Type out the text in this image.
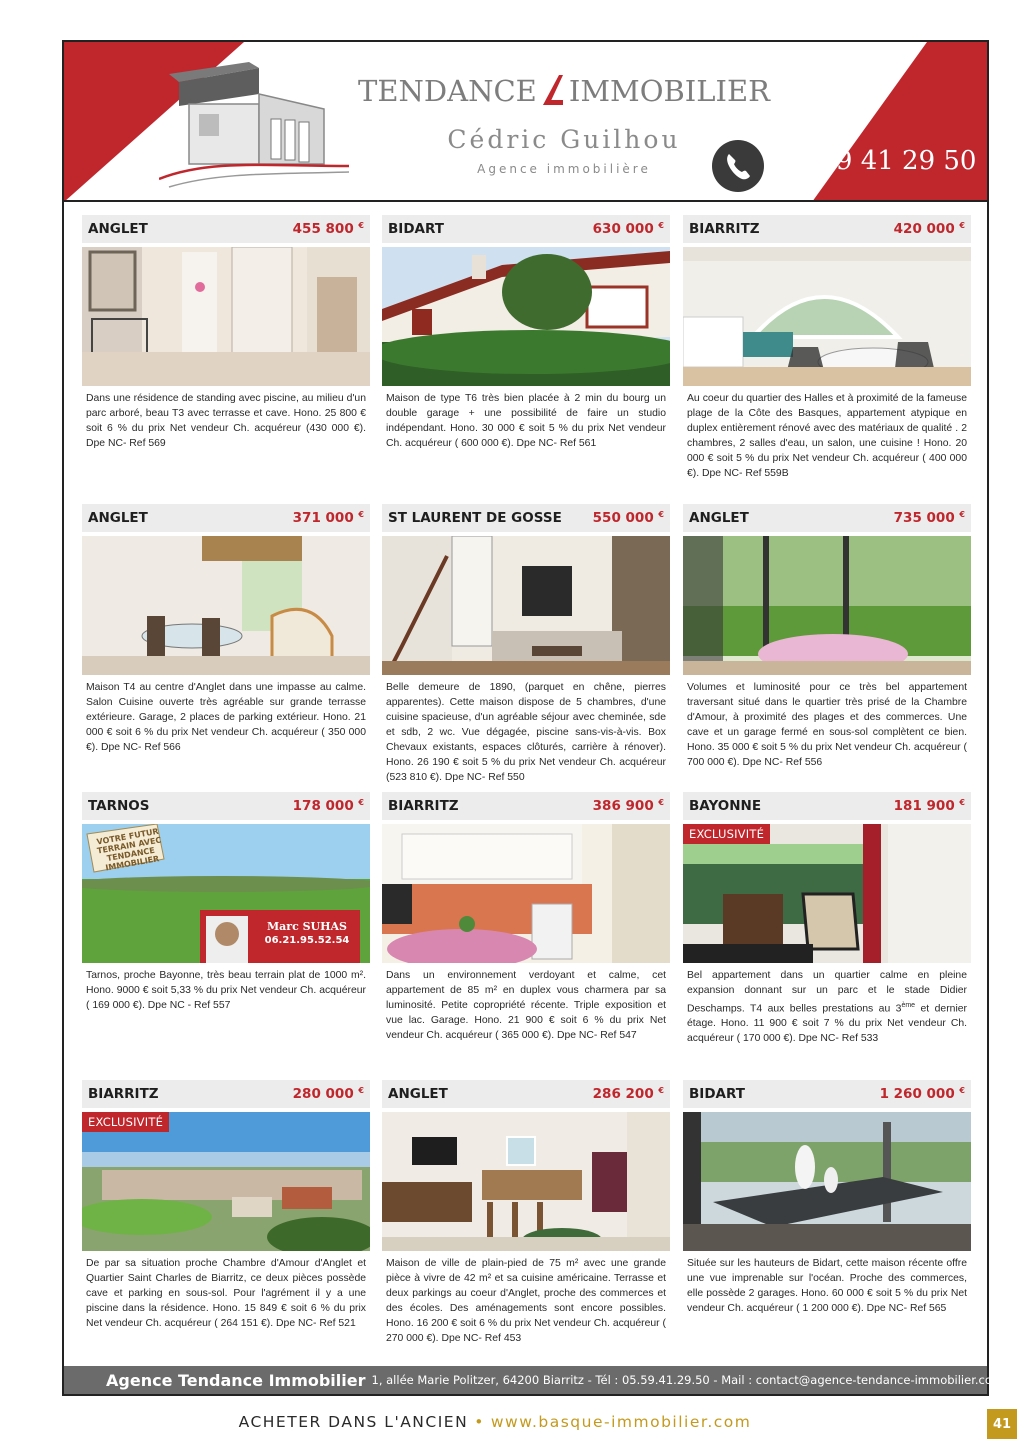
TENDANCE IMMOBILIER
Cédric Guilhou
Agence immobilière	05 59 41 29 50
ANGLET	455 800 €

Dans une résidence de standing avec piscine, au milieu d'un parc arboré, beau T3 avec terrasse et cave. Hono. 25 800 € soit 6 % du prix Net vendeur Ch. acquéreur (430 000 €). Dpe NC- Ref 569

BIDART	630 000 €

Maison de type T6 très bien placée à 2 min du bourg un double garage + une possibilité de faire un studio indépendant. Hono. 30 000 € soit 5 % du prix Net vendeur Ch. acquéreur ( 600 000 €). Dpe NC- Ref 561

BIARRITZ	420 000 €

Au coeur du quartier des Halles et à proximité de la fameuse plage de la Côte des Basques, appartement atypique en duplex entièrement rénové avec des matériaux de qualité . 2 chambres, 2 salles d'eau, un salon, une cuisine ! Hono. 20 000 € soit 5 % du prix Net vendeur Ch. acquéreur ( 400 000 €). Dpe NC- Ref 559B

ANGLET	371 000 €

Maison T4 au centre d'Anglet dans une impasse au calme. Salon Cuisine ouverte très agréable sur grande terrasse extérieure. Garage, 2 places de parking extérieur. Hono. 21 000 € soit 6 % du prix Net vendeur Ch. acquéreur ( 350 000 €). Dpe NC- Ref 566

ST LAURENT DE GOSSE 550 000 €

Belle demeure de 1890, (parquet en chêne, pierres apparentes). Cette maison dispose de 5 chambres, d'une cuisine spacieuse, d'un agréable séjour avec cheminée, sde et sdb, 2 wc. Vue dégagée, piscine sans-vis-à-vis. Box Chevaux existants, espaces clôturés, carrière à rénover). Hono. 26 190 € soit 5 % du prix Net vendeur Ch. acquéreur (523 810 €). Dpe NC- Ref 550

ANGLET	735 000 €

Volumes et luminosité pour ce très bel appartement traversant situé dans le quartier très prisé de la Chambre d'Amour, à proximité des plages et des commerces. Une cave et un garage fermé en sous-sol complètent ce bien. Hono. 35 000 € soit 5 % du prix Net vendeur Ch. acquéreur ( 700 000 €). Dpe NC- Ref 556

TARNOS	178 000 €
VOTRE FUTUR TERRAIN AVEC TENDANCE IMMOBILIER
Marc SUHAS
06.21.95.52.54

Tarnos, proche Bayonne, très beau terrain plat de 1000 m². Hono. 9000 € soit 5,33 % du prix Net vendeur Ch. acquéreur ( 169 000 €). Dpe NC - Ref 557

BIARRITZ	386 900 €

Dans un environnement verdoyant et calme, cet appartement de 85 m² en duplex vous charmera par sa luminosité. Petite copropriété récente. Triple exposition et vue lac. Garage. Hono. 21 900 € soit 6 % du prix Net vendeur Ch. acquéreur ( 365 000 €). Dpe NC- Ref 547

BAYONNE	181 900 €
EXCLUSIVITÉ

Bel appartement dans un quartier calme en pleine expansion donnant sur un parc et le stade Didier Deschamps. T4 aux belles prestations au 3ème et dernier étage. Hono. 11 900 € soit 7 % du prix Net vendeur Ch. acquéreur ( 170 000 €). Dpe NC- Ref 533

BIARRITZ	280 000 €
EXCLUSIVITÉ

De par sa situation proche Chambre d'Amour d'Anglet et Quartier Saint Charles de Biarritz, ce deux pièces possède cave et parking en sous-sol. Pour l'agrément il y a une piscine dans la résidence. Hono. 15 849 € soit 6 % du prix Net vendeur Ch. acquéreur ( 264 151 €). Dpe NC- Ref 521

ANGLET	286 200 €

Maison de ville de plain-pied de 75 m² avec une grande pièce à vivre de 42 m² et sa cuisine américaine. Terrasse et deux parkings au coeur d'Anglet, proche des commerces et des écoles. Des aménagements sont encore possibles. Hono. 16 200 € soit 6 % du prix Net vendeur Ch. acquéreur ( 270 000 €). Dpe NC- Ref 453

BIDART	1 260 000 €

Située sur les hauteurs de Bidart, cette maison récente offre une vue imprenable sur l'océan. Proche des commerces, elle possède 2 garages. Hono. 60 000 € soit 5 % du prix Net vendeur Ch. acquéreur ( 1 200 000 €). Dpe NC- Ref 565

Agence Tendance Immobilier 1, allée Marie Politzer, 64200 Biarritz - Tél : 05.59.41.29.50 - Mail : contact@agence-tendance-immobilier.com
ACHETER DANS L'ANCIEN • www.basque-immobilier.com	41
